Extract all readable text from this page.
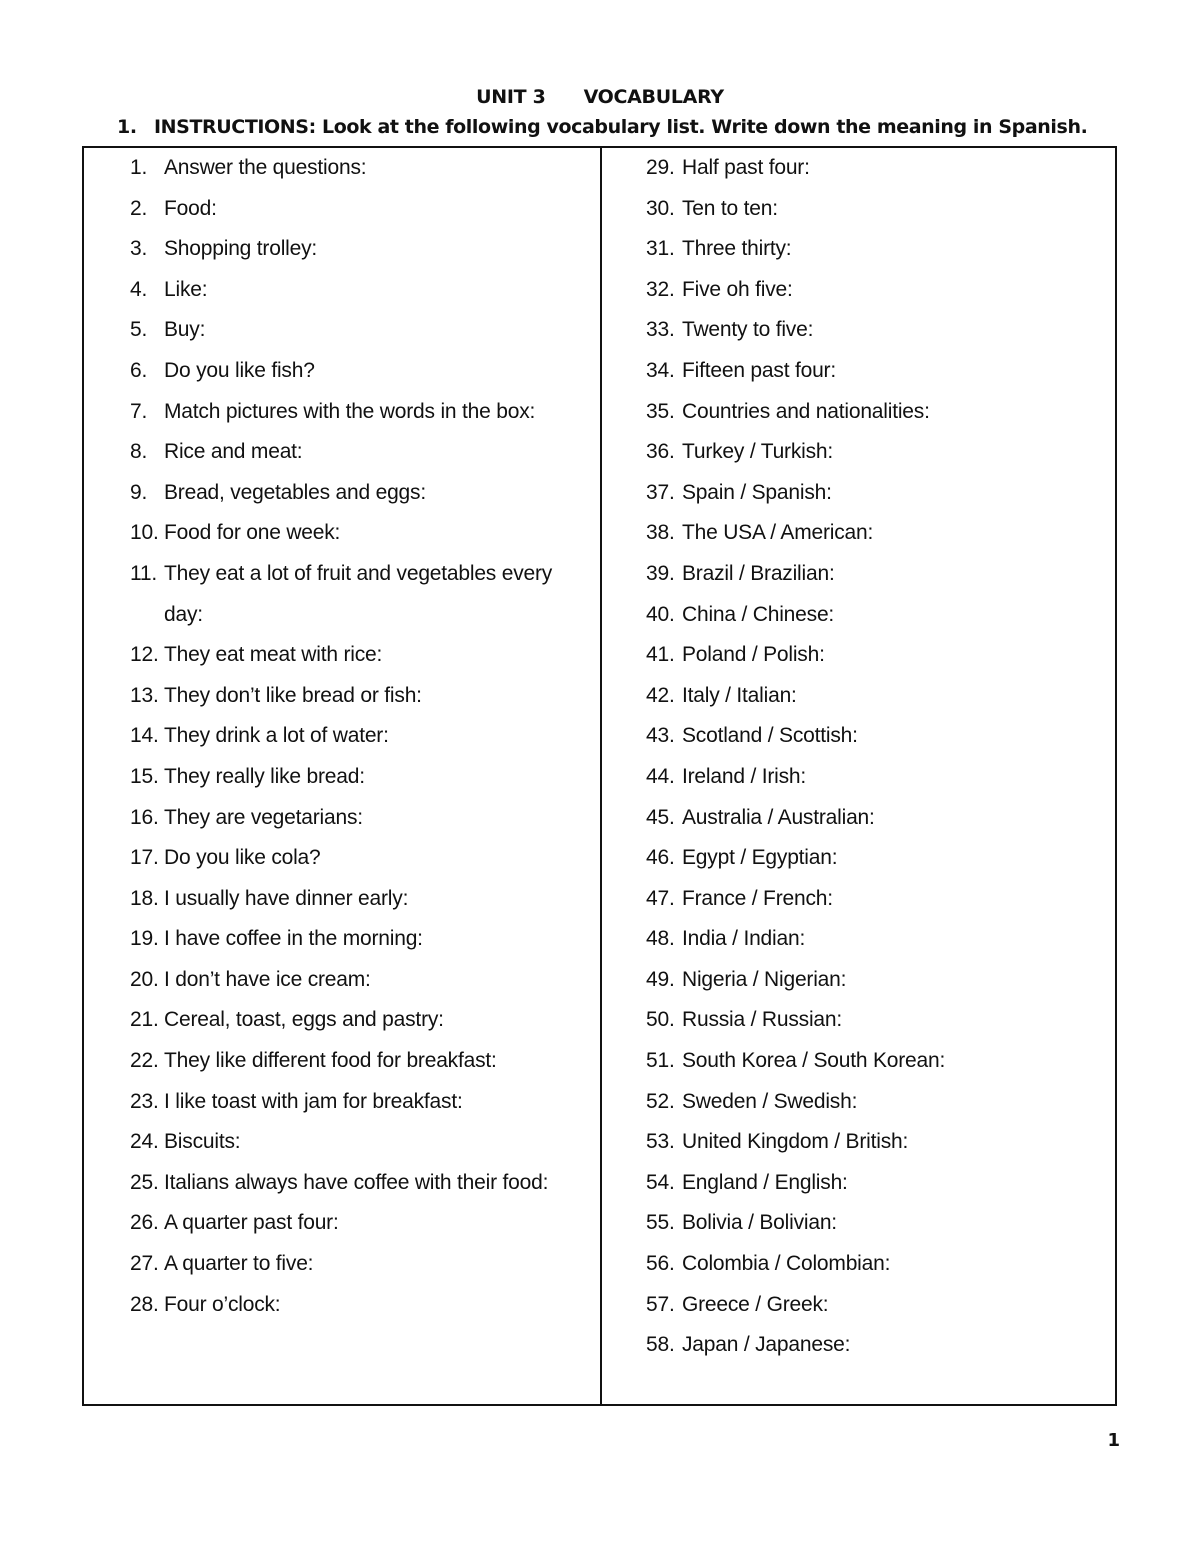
UNIT 3 VOCABULARY
1. INSTRUCTIONS: Look at the following vocabulary list. Write down the meaning in Spanish.
1. Answer the questions:
2. Food:
3. Shopping trolley:
4. Like:
5. Buy:
6. Do you like fish?
7. Match pictures with the words in the box:
8. Rice and meat:
9. Bread, vegetables and eggs:
10. Food for one week:
11. They eat a lot of fruit and vegetables every day:
12. They eat meat with rice:
13. They don’t like bread or fish:
14. They drink a lot of water:
15. They really like bread:
16. They are vegetarians:
17. Do you like cola?
18. I usually have dinner early:
19. I have coffee in the morning:
20. I don’t have ice cream:
21. Cereal, toast, eggs and pastry:
22. They like different food for breakfast:
23. I like toast with jam for breakfast:
24. Biscuits:
25. Italians always have coffee with their food:
26. A quarter past four:
27. A quarter to five:
28. Four o’clock:
29. Half past four:
30. Ten to ten:
31. Three thirty:
32. Five oh five:
33. Twenty to five:
34. Fifteen past four:
35. Countries and nationalities:
36. Turkey / Turkish:
37. Spain / Spanish:
38. The USA / American:
39. Brazil / Brazilian:
40. China / Chinese:
41. Poland / Polish:
42. Italy / Italian:
43. Scotland / Scottish:
44. Ireland / Irish:
45. Australia / Australian:
46. Egypt / Egyptian:
47. France / French:
48. India / Indian:
49. Nigeria / Nigerian:
50. Russia / Russian:
51. South Korea / South Korean:
52. Sweden / Swedish:
53. United Kingdom / British:
54. England / English:
55. Bolivia / Bolivian:
56. Colombia / Colombian:
57. Greece / Greek:
58. Japan / Japanese:
1
